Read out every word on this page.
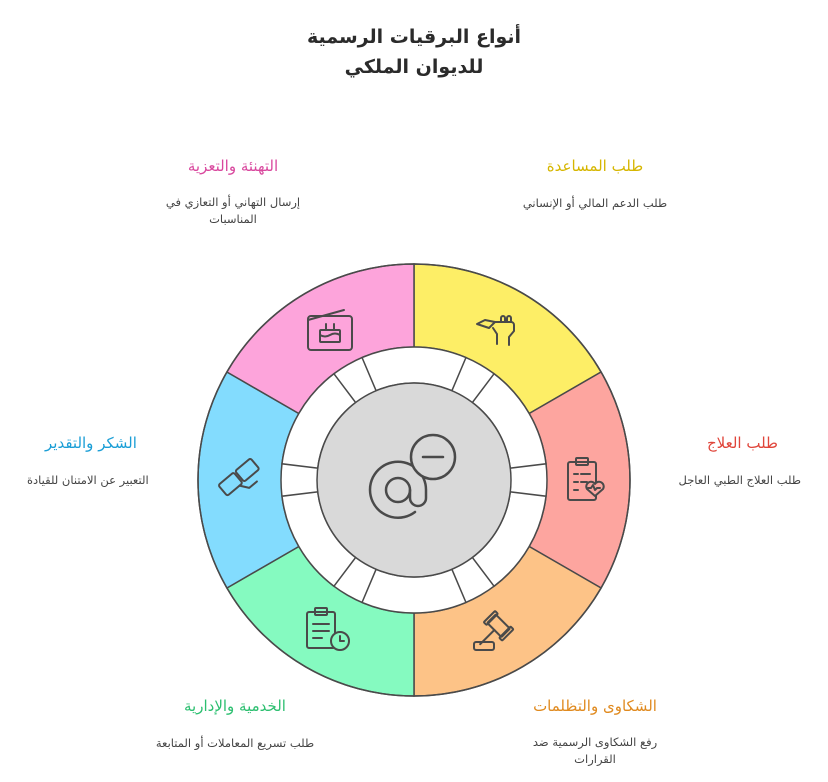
أنواع البرقيات الرسمية
للديوان الملكي
طلب المساعدة
طلب الدعم المالي أو الإنساني
طلب العلاج
طلب العلاج الطبي العاجل
الشكاوى والتظلمات
رفع الشكاوى الرسمية ضد
القرارات
الخدمية والإدارية
طلب تسريع المعاملات أو المتابعة
الشكر والتقدير
التعبير عن الامتنان للقيادة
التهنئة والتعزية
إرسال التهاني أو التعازي في
المناسبات
